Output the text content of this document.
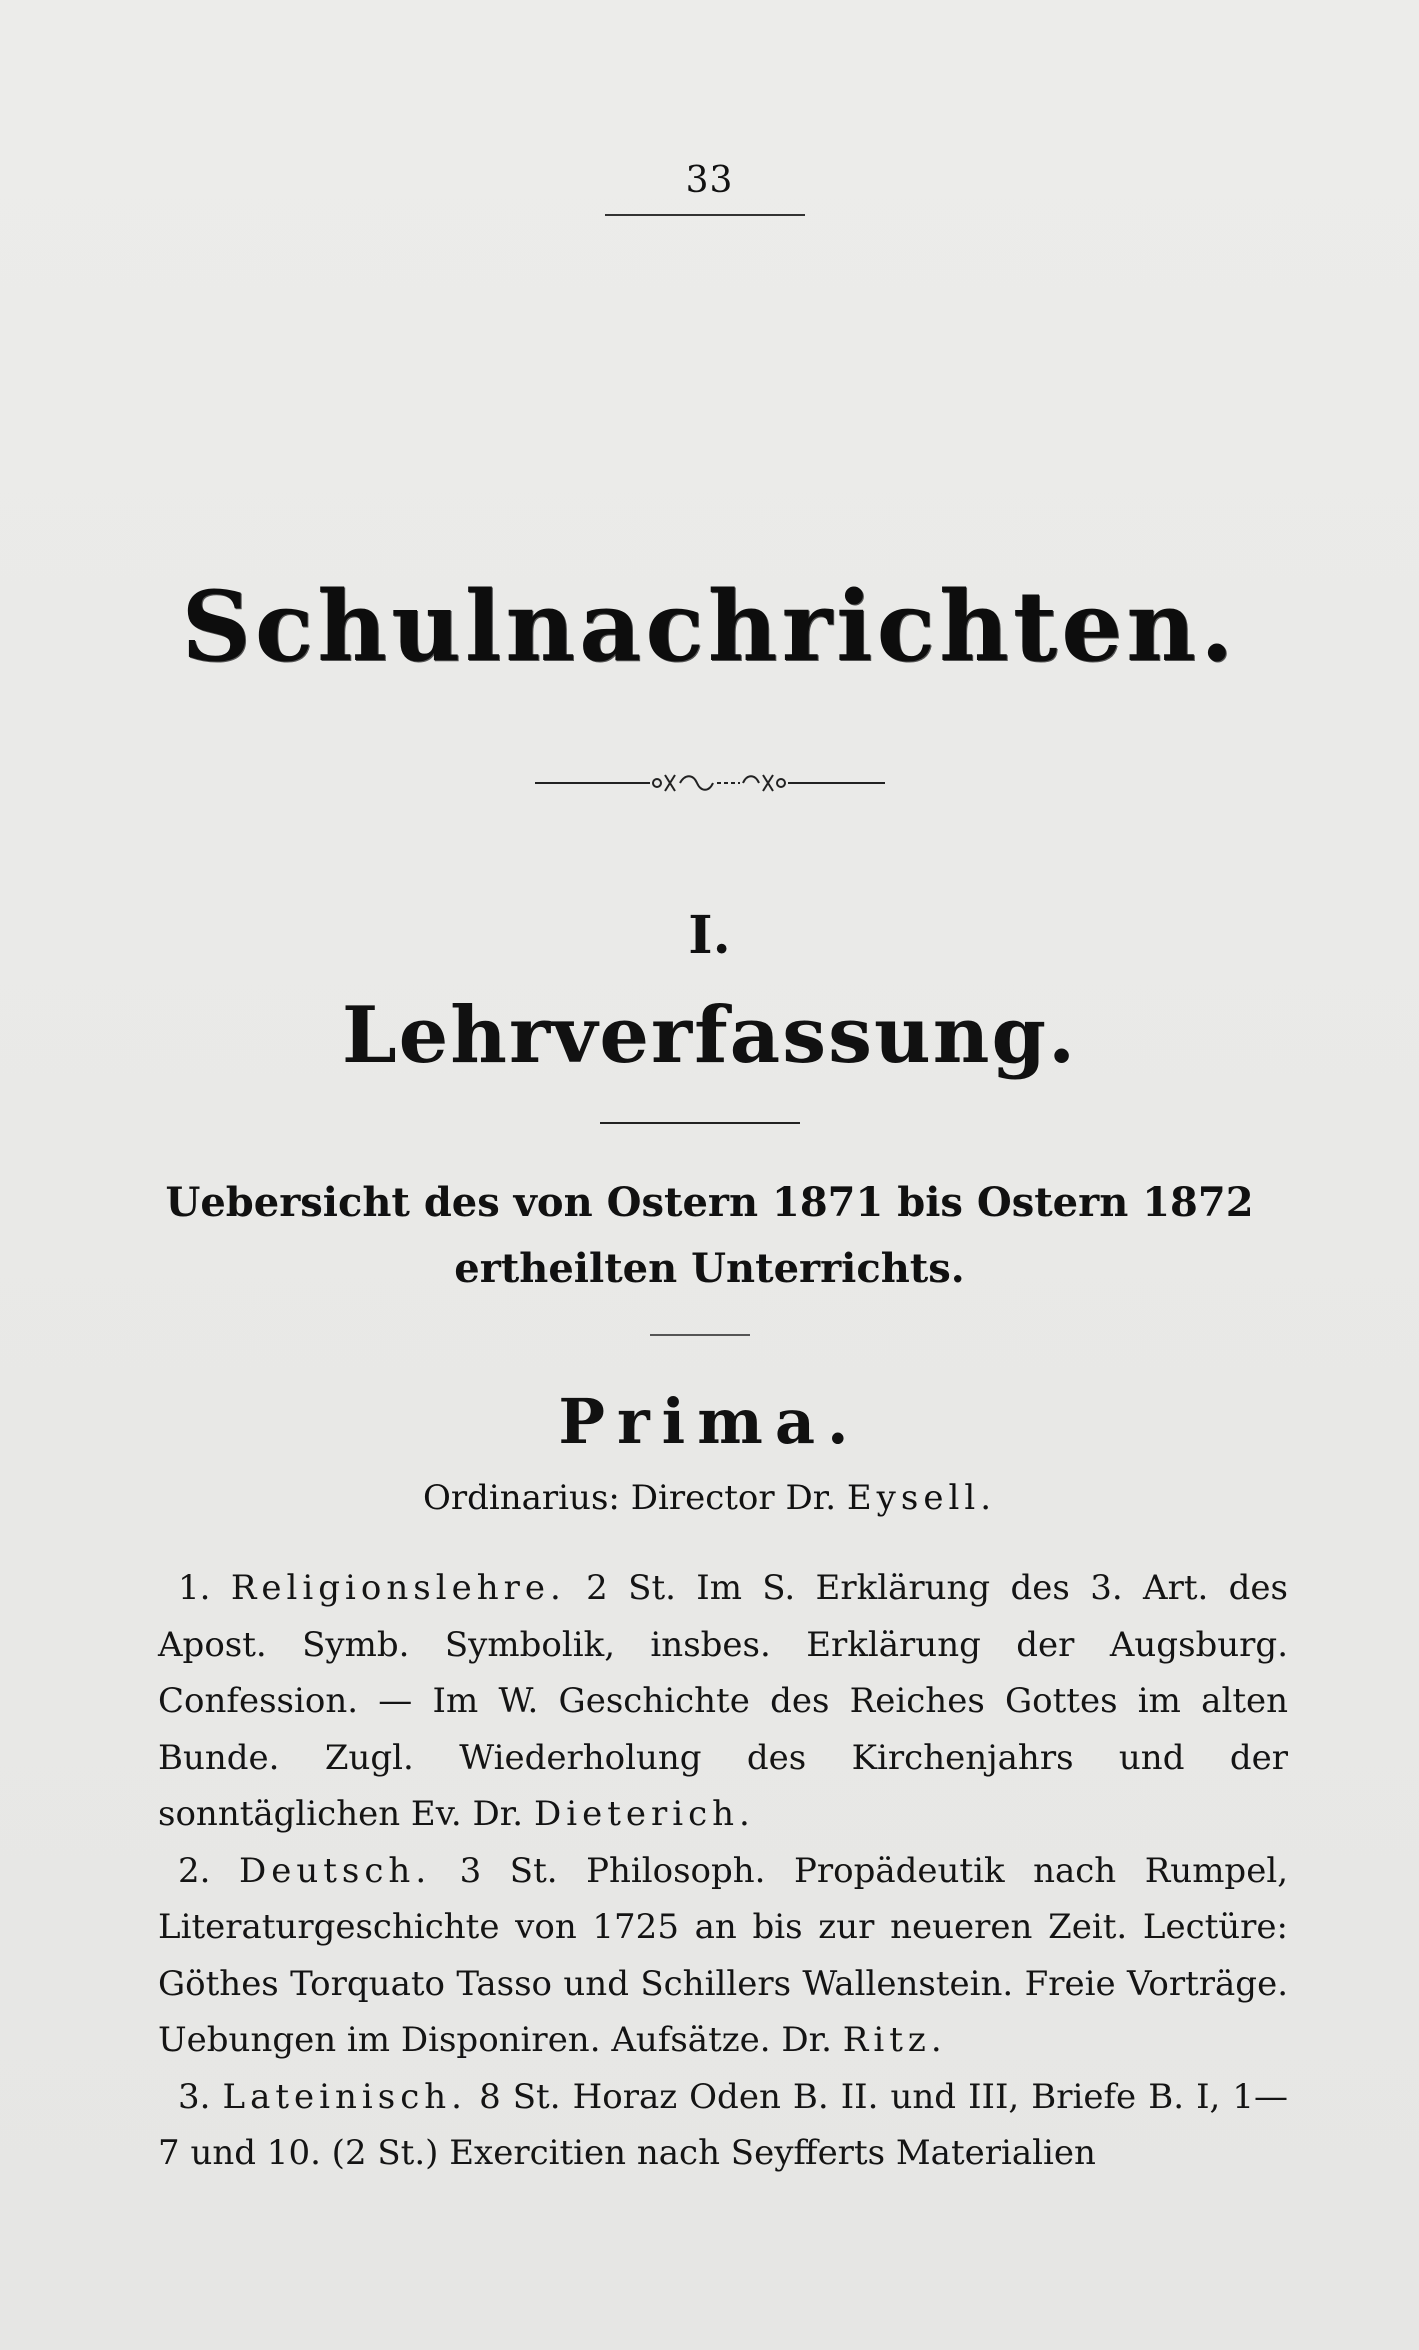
33
Schulnachrichten.
I.
Lehrverfassung.
Uebersicht des von Ostern 1871 bis Ostern 1872
ertheilten Unterrichts.
Prima.
Ordinarius: Director Dr. Eysell.

1. Religionslehre. 2 St. Im S. Erklärung des 3. Art. des Apost. Symb. Symbolik, insbes. Erklärung der Augsburg. Confession. — Im W. Geschichte des Reiches Gottes im alten Bunde. Zugl. Wiederholung des Kirchenjahrs und der sonntäglichen Ev. Dr. Dieterich.

2. Deutsch. 3 St. Philosoph. Propädeutik nach Rumpel, Literaturgeschichte von 1725 an bis zur neueren Zeit. Lectüre: Göthes Torquato Tasso und Schillers Wallenstein. Freie Vorträge. Uebungen im Disponiren. Aufsätze. Dr. Ritz.

3. Lateinisch. 8 St. Horaz Oden B. II. und III, Briefe B. I, 1—7 und 10. (2 St.) Exercitien nach Seyfferts Materialien
